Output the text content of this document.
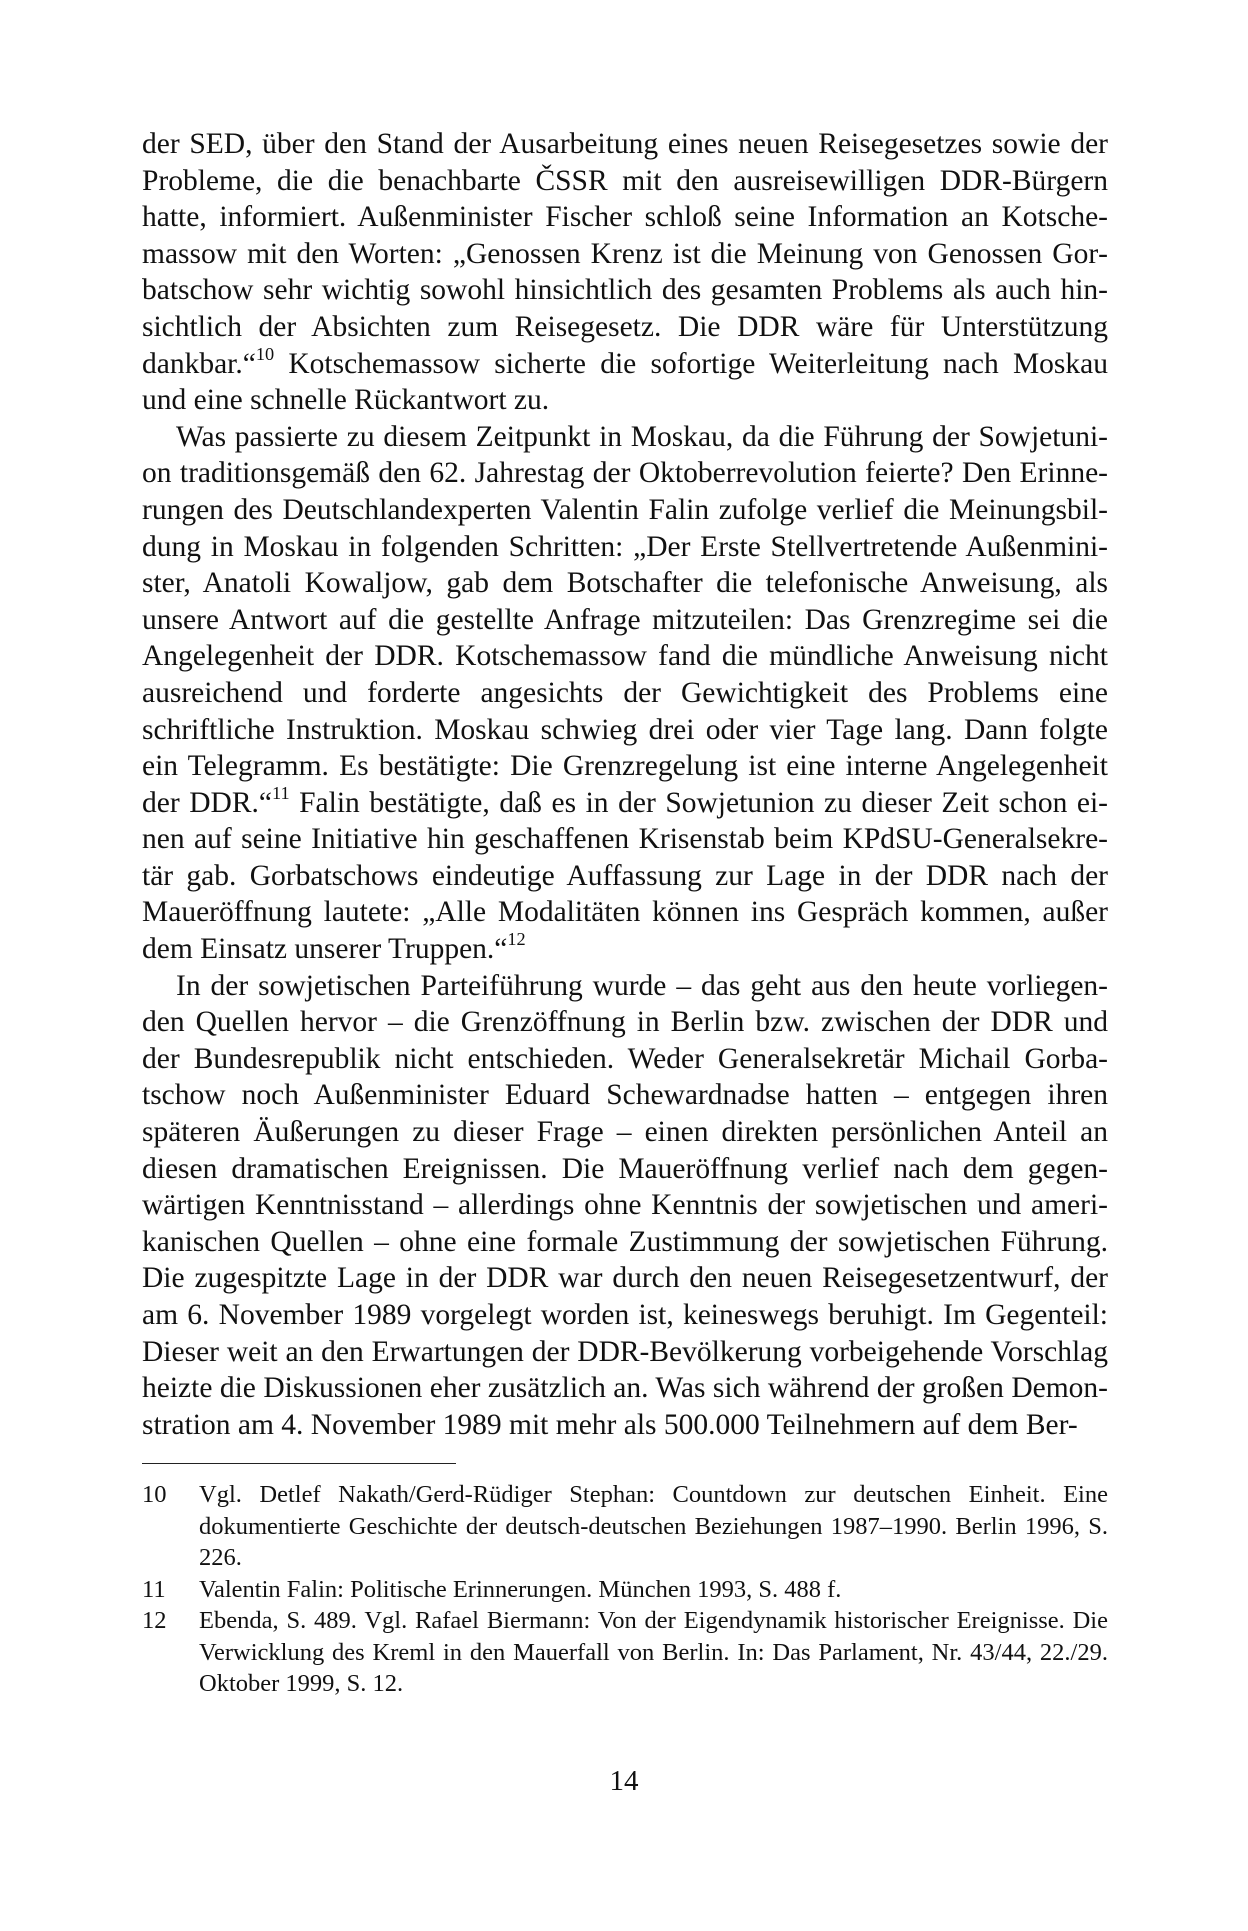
der SED, über den Stand der Ausarbeitung eines neuen Reisegesetzes sowie der Probleme, die die benachbarte ČSSR mit den ausreisewilligen DDR-Bürgern hatte, informiert. Außenminister Fischer schloß seine Information an Kotschemassow mit den Worten: „Genossen Krenz ist die Meinung von Genossen Gorbatschow sehr wichtig sowohl hinsichtlich des gesamten Problems als auch hinsichtlich der Absichten zum Reisegesetz. Die DDR wäre für Unterstützung dankbar.“$^{10}$ Kotschemassow sicherte die sofortige Weiterleitung nach Moskau und eine schnelle Rückantwort zu.

Was passierte zu diesem Zeitpunkt in Moskau, da die Führung der Sowjetunion traditionsgemäß den 62. Jahrestag der Oktoberrevolution feierte? Den Erinnerungen des Deutschlandexperten Valentin Falin zufolge verlief die Meinungsbildung in Moskau in folgenden Schritten: „Der Erste Stellvertretende Außenminister, Anatoli Kowaljow, gab dem Botschafter die telefonische Anweisung, als unsere Antwort auf die gestellte Anfrage mitzuteilen: Das Grenzregime sei die Angelegenheit der DDR. Kotschemassow fand die mündliche Anweisung nicht ausreichend und forderte angesichts der Gewichtigkeit des Problems eine schriftliche Instruktion. Moskau schwieg drei oder vier Tage lang. Dann folgte ein Telegramm. Es bestätigte: Die Grenzregelung ist eine interne Angelegenheit der DDR.“$^{11}$ Falin bestätigte, daß es in der Sowjetunion zu dieser Zeit schon einen auf seine Initiative hin geschaffenen Krisenstab beim KPdSU-Generalsekretär gab. Gorbatschows eindeutige Auffassung zur Lage in der DDR nach der Maueröffnung lautete: „Alle Modalitäten können ins Gespräch kommen, außer dem Einsatz unserer Truppen.“$^{12}$

In der sowjetischen Parteiführung wurde – das geht aus den heute vorliegenden Quellen hervor – die Grenzöffnung in Berlin bzw. zwischen der DDR und der Bundesrepublik nicht entschieden. Weder Generalsekretär Michail Gorbatschow noch Außenminister Eduard Schewardnadse hatten – entgegen ihren späteren Äußerungen zu dieser Frage – einen direkten persönlichen Anteil an diesen dramatischen Ereignissen. Die Maueröffnung verlief nach dem gegenwärtigen Kenntnisstand – allerdings ohne Kenntnis der sowjetischen und amerikanischen Quellen – ohne eine formale Zustimmung der sowjetischen Führung. Die zugespitzte Lage in der DDR war durch den neuen Reisegesetzentwurf, der am 6. November 1989 vorgelegt worden ist, keineswegs beruhigt. Im Gegenteil: Dieser weit an den Erwartungen der DDR-Bevölkerung vorbeigehende Vorschlag heizte die Diskussionen eher zusätzlich an. Was sich während der großen Demonstration am 4. November 1989 mit mehr als 500.000 Teilnehmern auf dem Ber-

10	Vgl. Detlef Nakath/Gerd-Rüdiger Stephan: Countdown zur deutschen Einheit. Eine dokumentierte Geschichte der deutsch-deutschen Beziehungen 1987–1990. Berlin 1996, S. 226.
11	Valentin Falin: Politische Erinnerungen. München 1993, S. 488 f.
12	Ebenda, S. 489. Vgl. Rafael Biermann: Von der Eigendynamik historischer Ereignisse. Die Verwicklung des Kreml in den Mauerfall von Berlin. In: Das Parlament, Nr. 43/44, 22./29. Oktober 1999, S. 12.
14
